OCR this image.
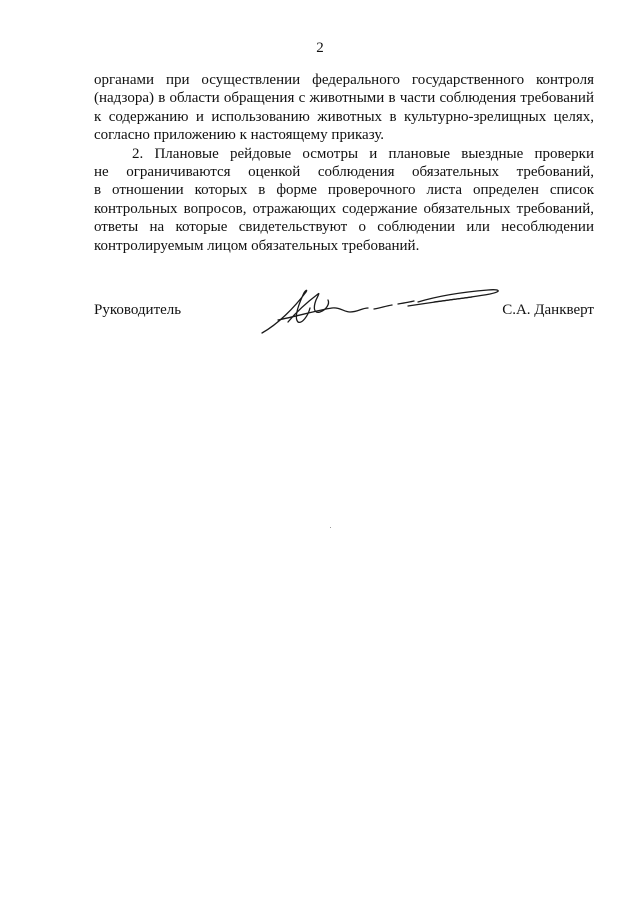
2

органами при осуществлении федерального государственного контроля
(надзора) в области обращения с животными в части соблюдения требований
к содержанию и использованию животных в культурно-зрелищных целях,
согласно приложению к настоящему приказу.

2. Плановые рейдовые осмотры и плановые выездные проверки
не ограничиваются оценкой соблюдения обязательных требований,
в отношении которых в форме проверочного листа определен список
контрольных вопросов, отражающих содержание обязательных требований,
ответы на которые свидетельствуют о соблюдении или несоблюдении
контролируемым лицом обязательных требований.

Руководитель	С.А. Данкверт
